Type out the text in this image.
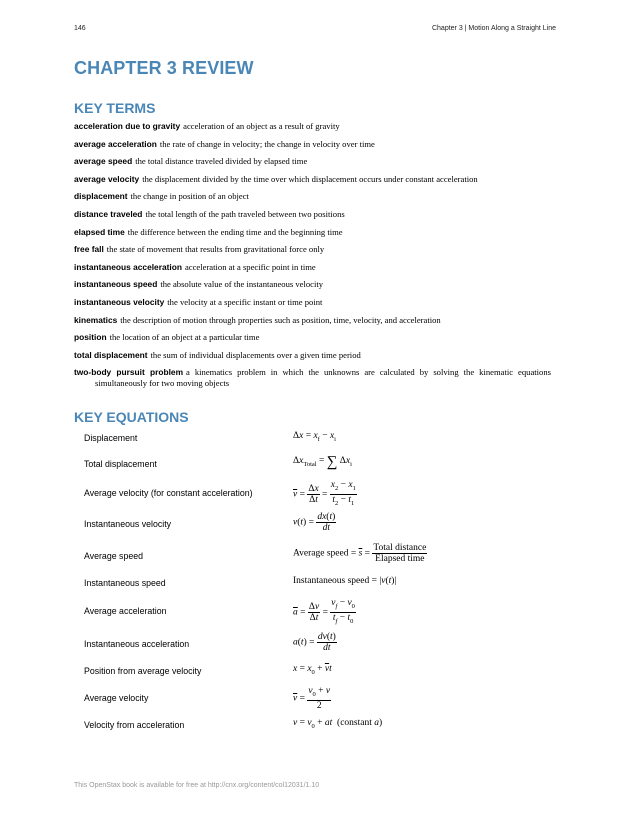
146	Chapter 3 | Motion Along a Straight Line
CHAPTER 3 REVIEW
KEY TERMS
acceleration due to gravity acceleration of an object as a result of gravity
average acceleration the rate of change in velocity; the change in velocity over time
average speed the total distance traveled divided by elapsed time
average velocity the displacement divided by the time over which displacement occurs under constant acceleration
displacement the change in position of an object
distance traveled the total length of the path traveled between two positions
elapsed time the difference between the ending time and the beginning time
free fall the state of movement that results from gravitational force only
instantaneous acceleration acceleration at a specific point in time
instantaneous speed the absolute value of the instantaneous velocity
instantaneous velocity the velocity at a specific instant or time point
kinematics the description of motion through properties such as position, time, velocity, and acceleration
position the location of an object at a particular time
total displacement the sum of individual displacements over a given time period
two-body pursuit problem a kinematics problem in which the unknowns are calculated by solving the kinematic equations simultaneously for two moving objects
KEY EQUATIONS
Displacement	$\Delta x = x_f - x_i$
Total displacement	$\Delta x_{Total}$ = ∑ $\Delta x_i$
Average velocity (for constant acceleration)	$\overline{v} = \frac{\Delta x}{\Delta t} = \frac{x_2 - x_1}{t_2 - t_1}$
Instantaneous velocity	$v(t) = \frac{dx(t)}{dt}$
Average speed	Average speed = $\overline{s} = \frac{\text{Total distance}}{\text{Elapsed time}}$
Instantaneous speed	Instantaneous speed = |v(t)|
Average acceleration	$\overline{a} = \frac{\Delta v}{\Delta t} = \frac{v_f - v_0}{t_f - t_0}$
Instantaneous acceleration	$a(t) = \frac{dv(t)}{dt}$
Position from average velocity	$x = x_0 + \overline{v}t$
Average velocity	$\overline{v} = \frac{v_0 + v}{2}$
Velocity from acceleration	$v = v_0$ + at (constant a)
This OpenStax book is available for free at http://cnx.org/content/col12031/1.10
